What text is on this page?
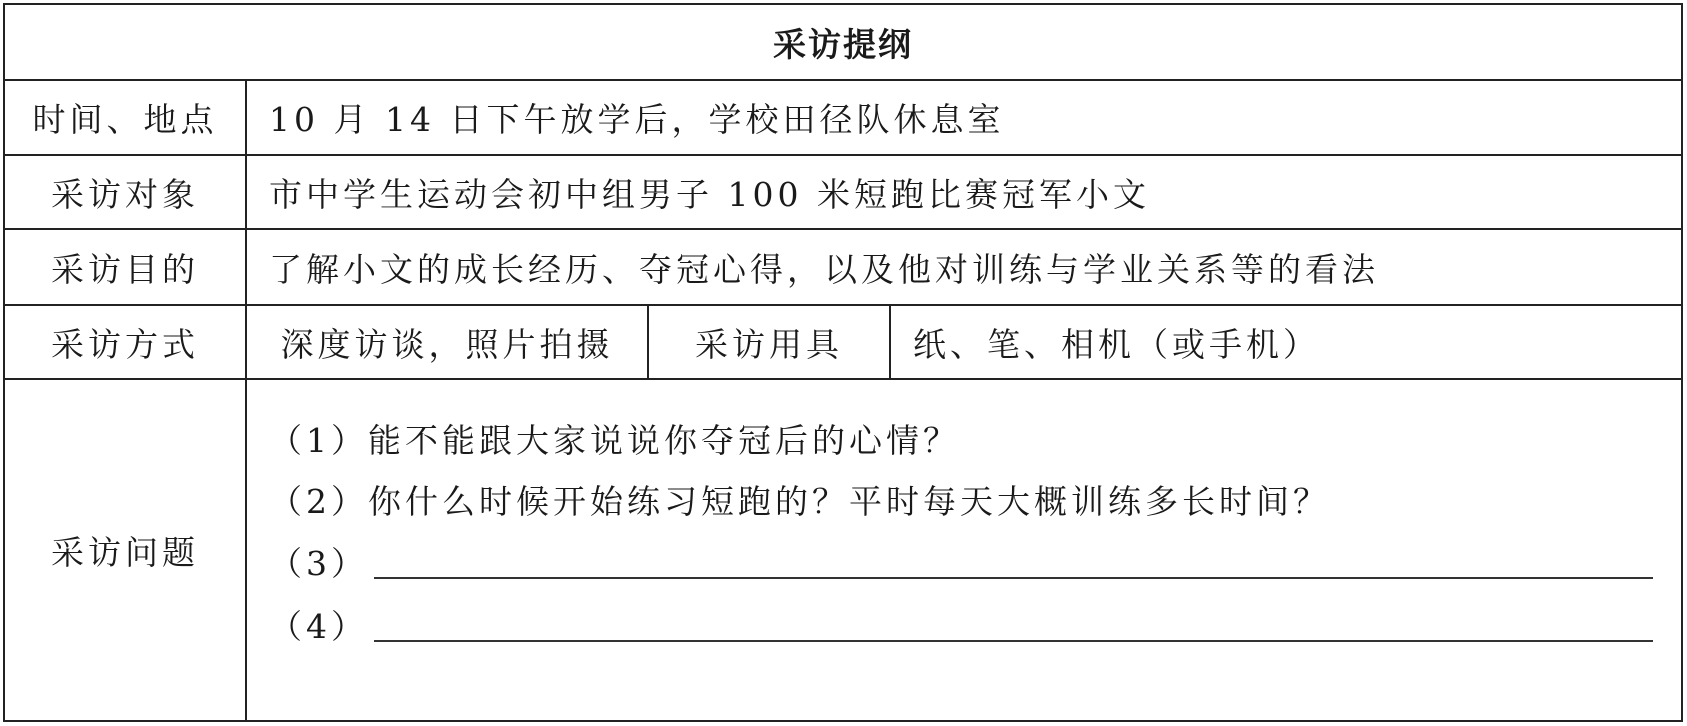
采访提纲
时间、地点	10 月 14 日下午放学后，学校田径队休息室
采访对象	市中学生运动会初中组男子 100 米短跑比赛冠军小文
采访目的	了解小文的成长经历、夺冠心得，以及他对训练与学业关系等的看法
采访方式	深度访谈，照片拍摄	采访用具	纸、笔、相机（或手机）
采访问题
（1）能不能跟大家说说你夺冠后的心情？
（2）你什么时候开始练习短跑的？平时每天大概训练多长时间？
（3）
（4）
